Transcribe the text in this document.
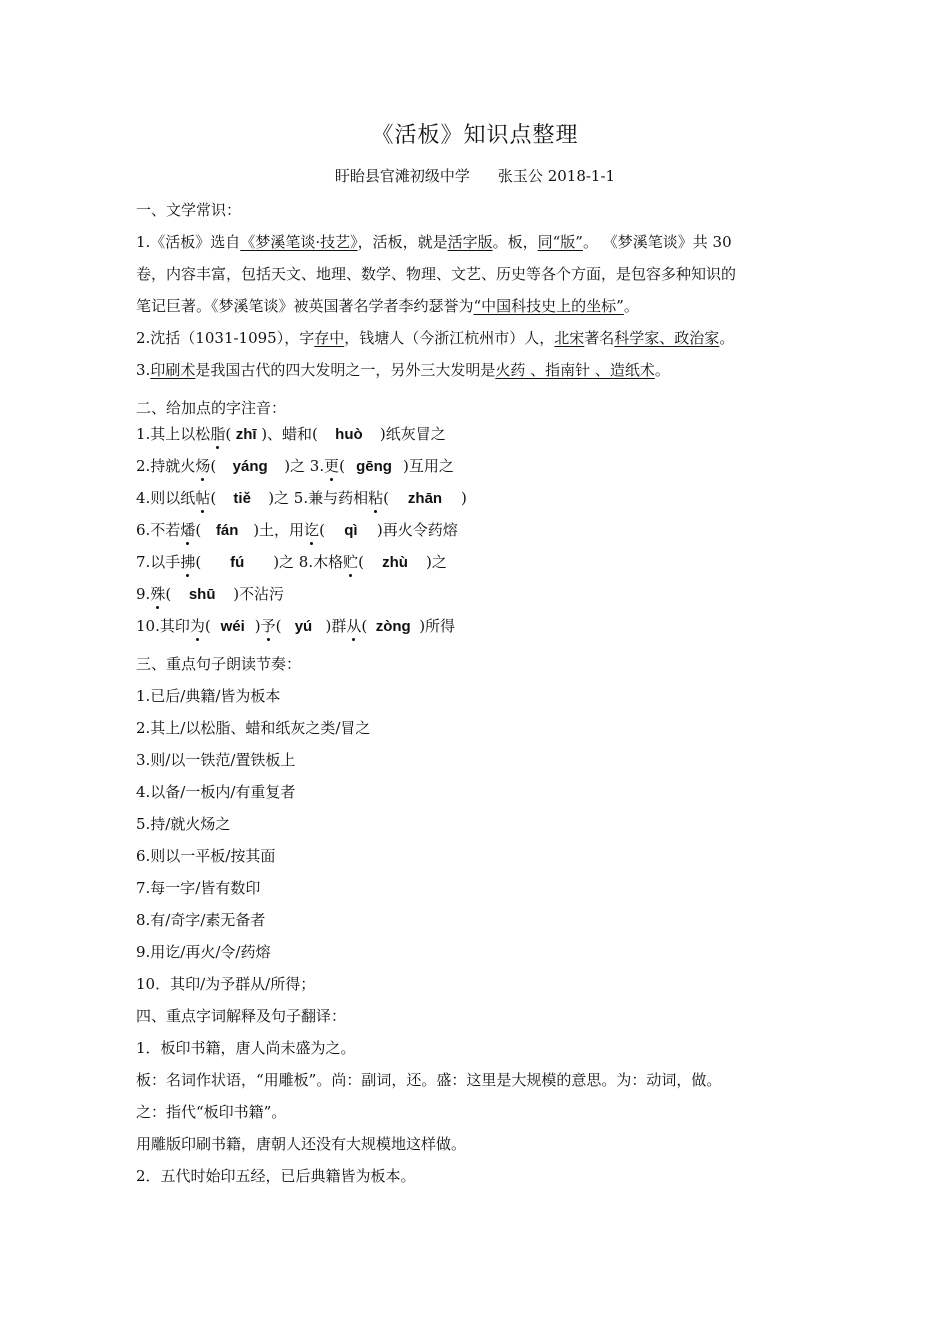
《活板》知识点整理
盱眙县官滩初级中学 张玉公 2018-1-1
一、文学常识：
1.《活板》选自《梦溪笔谈·技艺》，活板，就是活字版。板，同“版”。 《梦溪笔谈》共 30
卷，内容丰富，包括天文、地理、数学、物理、文艺、历史等各个方面，是包容多种知识的
笔记巨著。《梦溪笔谈》被英国著名学者李约瑟誉为“中国科技史上的坐标”。
2.沈括（1031-1095），字存中，钱塘人（今浙江杭州市）人，北宋著名科学家、政治家。
3.印刷术是我国古代的四大发明之一，另外三大发明是火药 、指南针 、造纸术。
二、给加点的字注音：
1.其上以松脂( zhī )、蜡和( huò )纸灰冒之
2.持就火炀( yáng )之 3.更( gēng )互用之
4.则以纸帖( tiě )之 5.兼与药相粘( zhān )
6.不若燔( fán )土，用讫( qì )再火令药熔
7.以手拂( fú )之 8.木格贮( zhù )之
9.殊( shū )不沾污
10.其印为( wéi )予( yú )群从( zòng )所得
三、重点句子朗读节奏：
1.已后/典籍/皆为板本
2.其上/以松脂、蜡和纸灰之类/冒之
3.则/以一铁范/置铁板上
4.以备/一板内/有重复者
5.持/就火炀之
6.则以一平板/按其面
7.每一字/皆有数印
8.有/奇字/素无备者
9.用讫/再火/令/药熔
10．其印/为予群从/所得；
四、重点字词解释及句子翻译：
1．板印书籍，唐人尚未盛为之。
板：名词作状语，“用雕板”。尚：副词，还。盛：这里是大规模的意思。为：动词，做。
之：指代“板印书籍”。
用雕版印刷书籍，唐朝人还没有大规模地这样做。
2．五代时始印五经，已后典籍皆为板本。
